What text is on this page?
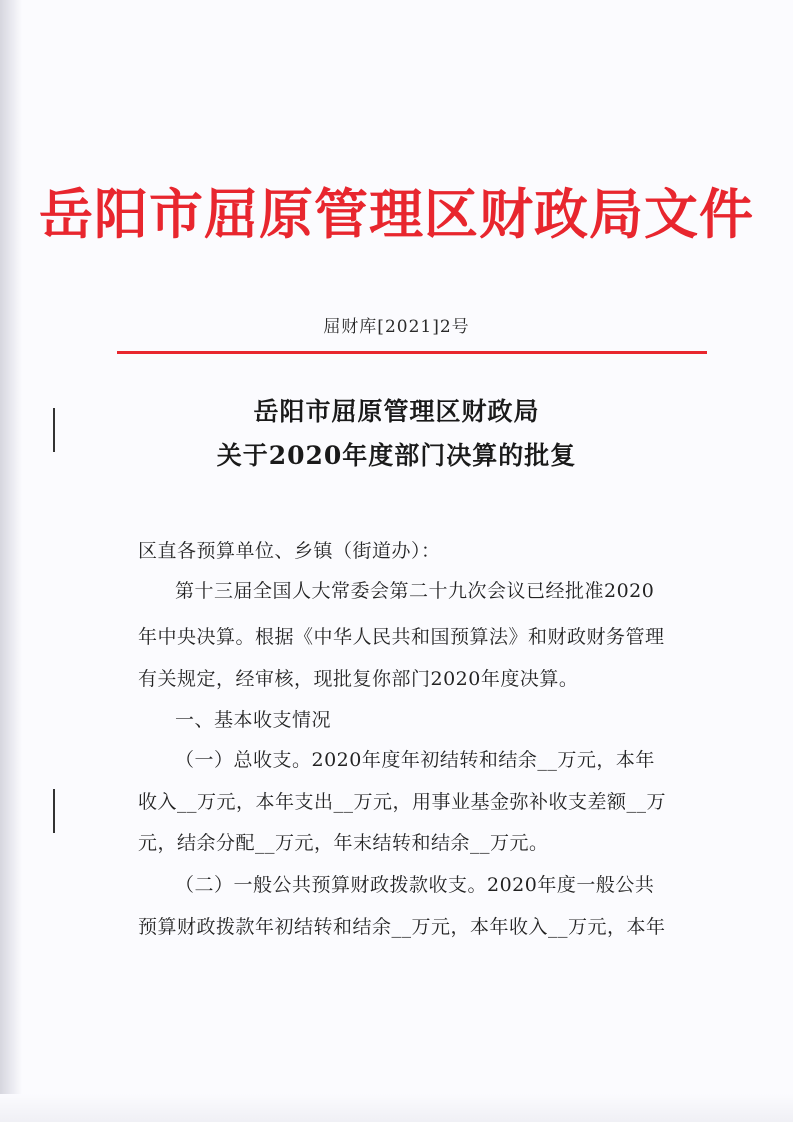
岳阳市屈原管理区财政局文件
屈财库[2021]2号
岳阳市屈原管理区财政局
关于2020年度部门决算的批复
区直各预算单位、乡镇（街道办）：
第十三届全国人大常委会第二十九次会议已经批准2020
年中央决算。根据《中华人民共和国预算法》和财政财务管理
有关规定，经审核，现批复你部门2020年度决算。
一、基本收支情况
（一）总收支。2020年度年初结转和结余__万元，本年
收入__万元，本年支出__万元，用事业基金弥补收支差额__万
元，结余分配__万元，年末结转和结余__万元。
（二）一般公共预算财政拨款收支。2020年度一般公共
预算财政拨款年初结转和结余__万元，本年收入__万元，本年
